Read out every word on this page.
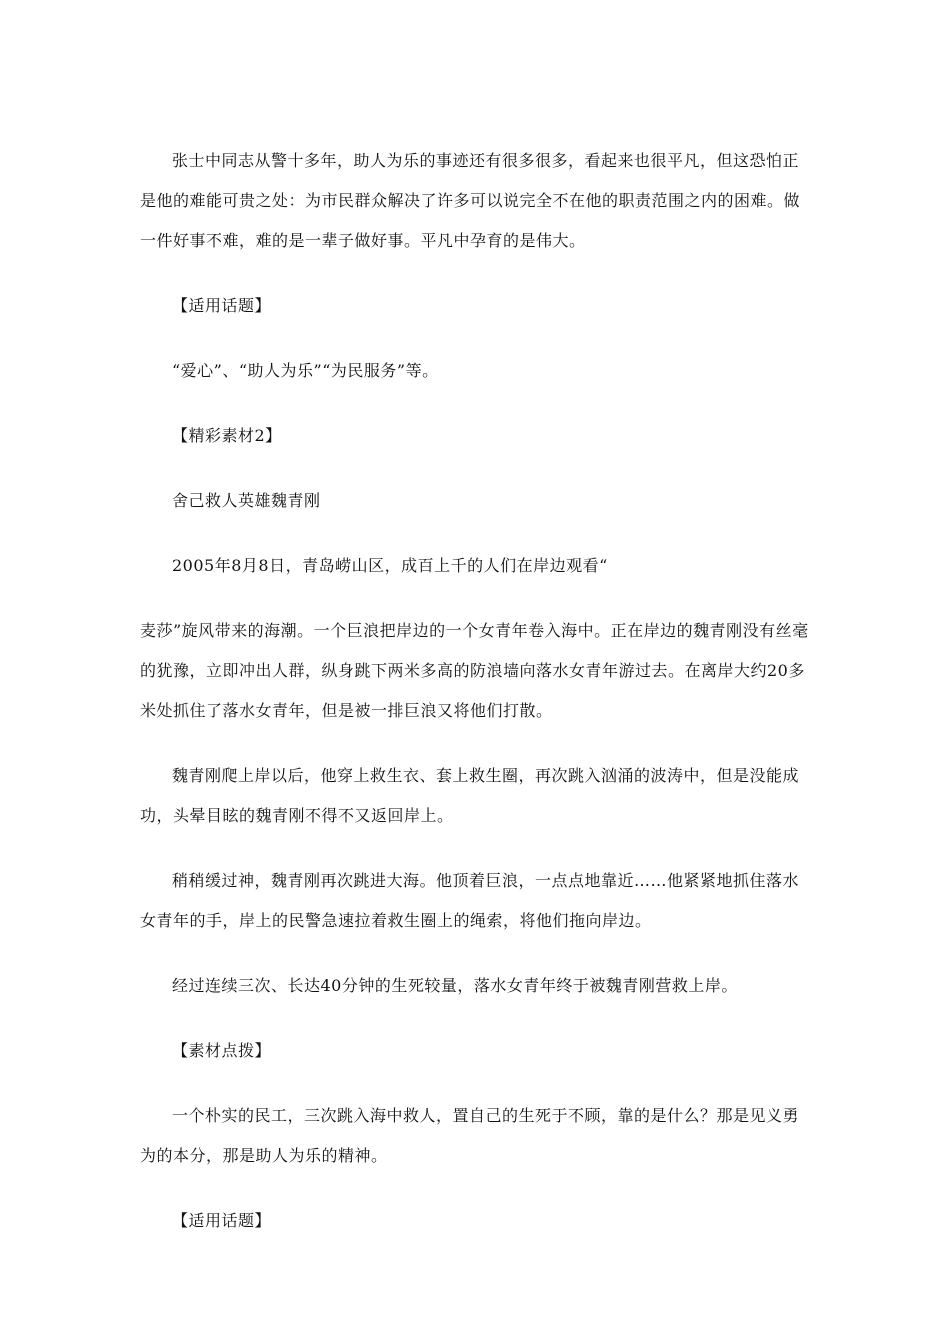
张士中同志从警十多年，助人为乐的事迹还有很多很多，看起来也很平凡，但这恐怕正是他的难能可贵之处：为市民群众解决了许多可以说完全不在他的职责范围之内的困难。做一件好事不难，难的是一辈子做好事。平凡中孕育的是伟大。

【适用话题】

“爱心”、“助人为乐”“为民服务”等。

【精彩素材2】

舍己救人英雄魏青刚

2005年8月8日，青岛崂山区，成百上千的人们在岸边观看“

麦莎”旋风带来的海潮。一个巨浪把岸边的一个女青年卷入海中。正在岸边的魏青刚没有丝毫的犹豫，立即冲出人群，纵身跳下两米多高的防浪墙向落水女青年游过去。在离岸大约20多米处抓住了落水女青年，但是被一排巨浪又将他们打散。

魏青刚爬上岸以后，他穿上救生衣、套上救生圈，再次跳入汹涌的波涛中，但是没能成功，头晕目眩的魏青刚不得不又返回岸上。

稍稍缓过神，魏青刚再次跳进大海。他顶着巨浪，一点点地靠近……他紧紧地抓住落水女青年的手，岸上的民警急速拉着救生圈上的绳索，将他们拖向岸边。

经过连续三次、长达40分钟的生死较量，落水女青年终于被魏青刚营救上岸。

【素材点拨】

一个朴实的民工，三次跳入海中救人，置自己的生死于不顾，靠的是什么？那是见义勇为的本分，那是助人为乐的精神。

【适用话题】
